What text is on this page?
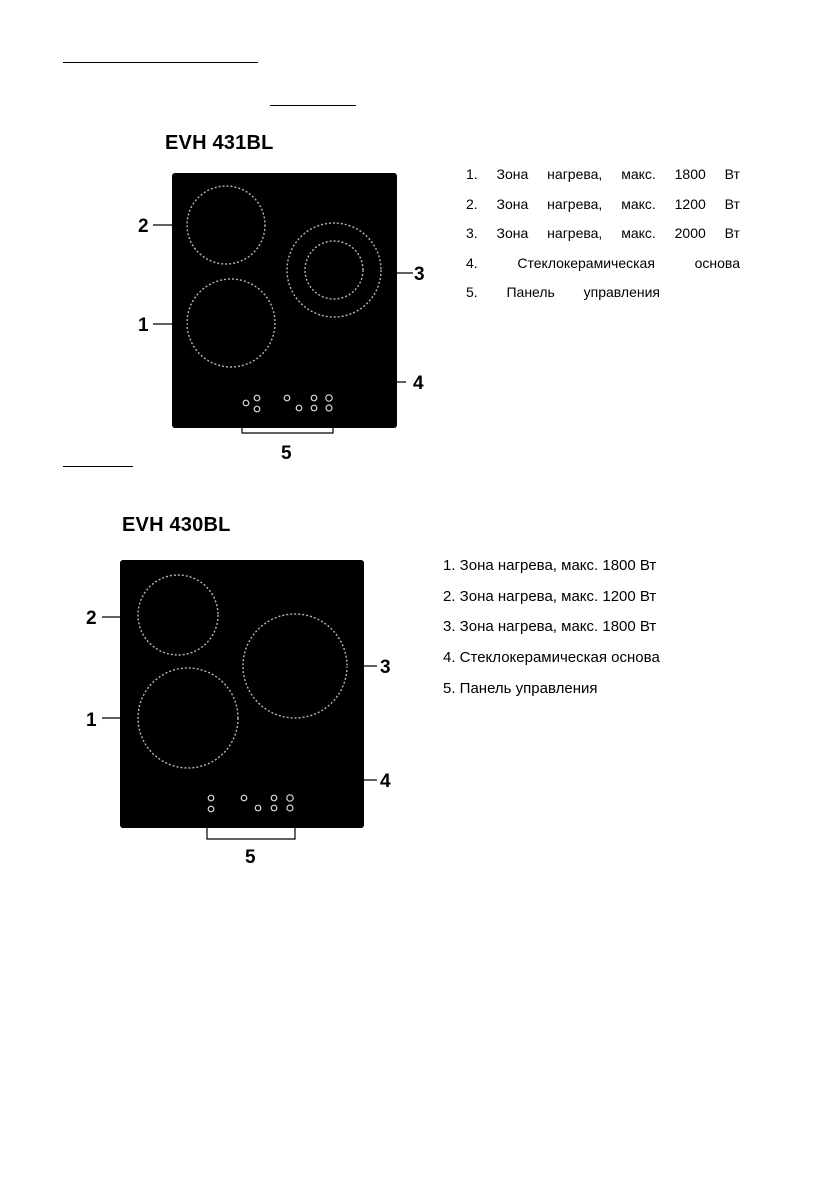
EVH 431BL
2
1
3
4
5
1. Зона нагрева, макс. 1800 Вт
2. Зона нагрева, макс. 1200 Вт
3. Зона нагрева, макс. 2000 Вт
4.	Стеклокерамическая	основа
5. Панель управления
EVH 430BL
2
1
3
4
5
1. Зона нагрева, макс. 1800 Вт
2. Зона нагрева, макс. 1200 Вт
3. Зона нагрева, макс. 1800 Вт
4. Стеклокерамическая основа
5. Панель управления
